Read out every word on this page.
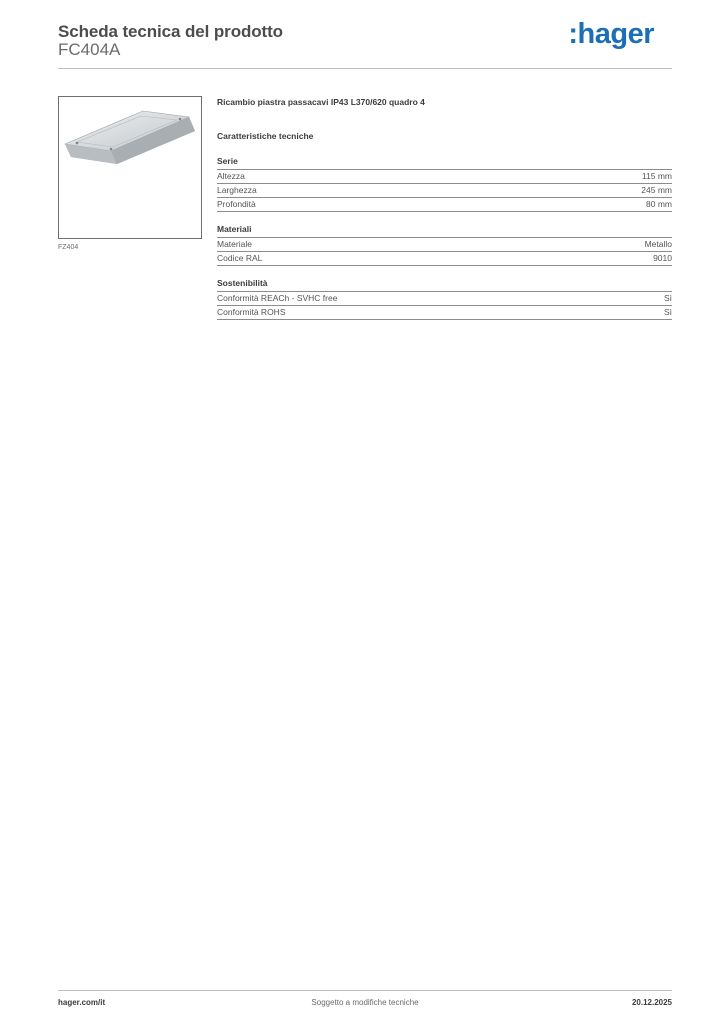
Scheda tecnica del prodotto
FC404A	:hager
FZ404
Ricambio piastra passacavi IP43 L370/620 quadro 4
Caratteristiche tecniche
Serie
Altezza	115 mm
Larghezza	245 mm
Profondità	80 mm
Materiali
Materiale	Metallo
Codice RAL	9010
Sostenibilità
Conformità REACh - SVHC free	Sì
Conformità ROHS	Sì
Soggetto a modifiche tecniche
hager.com/it	20.12.2025
